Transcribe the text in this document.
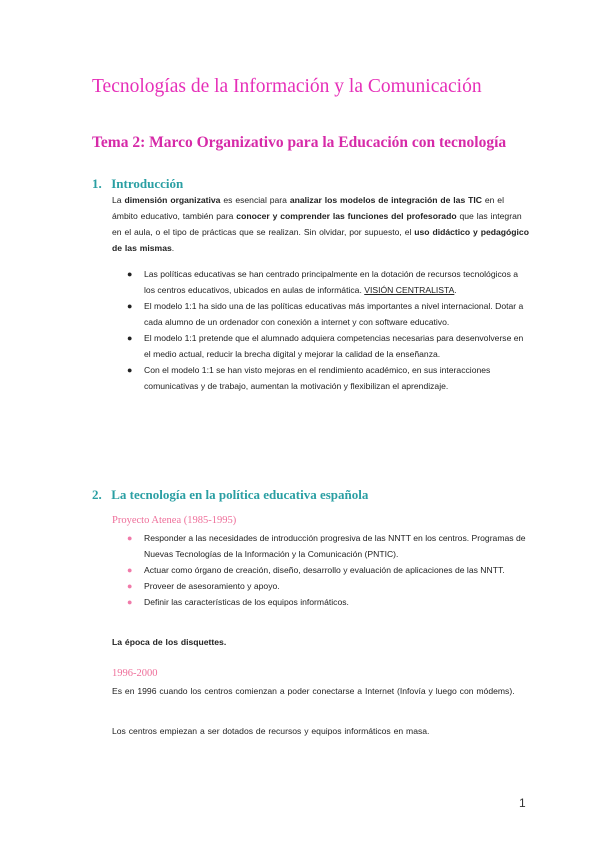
Tecnologías de la Información y la Comunicación
Tema 2: Marco Organizativo para la Educación con tecnología
1. Introducción

La dimensión organizativa es esencial para analizar los modelos de integración de las TIC en el ámbito educativo, también para conocer y comprender las funciones del profesorado que las integran en el aula, o el tipo de prácticas que se realizan. Sin olvidar, por supuesto, el uso didáctico y pedagógico de las mismas.

● Las políticas educativas se han centrado principalmente en la dotación de recursos tecnológicos a los centros educativos, ubicados en aulas de informática. VISIÓN CENTRALISTA.
● El modelo 1:1 ha sido una de las políticas educativas más importantes a nivel internacional. Dotar a cada alumno de un ordenador con conexión a internet y con software educativo.
● El modelo 1:1 pretende que el alumnado adquiera competencias necesarias para desenvolverse en el medio actual, reducir la brecha digital y mejorar la calidad de la enseñanza.
● Con el modelo 1:1 se han visto mejoras en el rendimiento académico, en sus interacciones comunicativas y de trabajo, aumentan la motivación y flexibilizan el aprendizaje.
2. La tecnología en la política educativa española
Proyecto Atenea (1985-1995)
● Responder a las necesidades de introducción progresiva de las NNTT en los centros. Programas de Nuevas Tecnologías de la Información y la Comunicación (PNTIC).
● Actuar como órgano de creación, diseño, desarrollo y evaluación de aplicaciones de las NNTT.
● Proveer de asesoramiento y apoyo.
● Definir las características de los equipos informáticos.

La época de los disquettes.

1996-2000

Es en 1996 cuando los centros comienzan a poder conectarse a Internet (Infovía y luego con módems).

Los centros empiezan a ser dotados de recursos y equipos informáticos en masa.

1
